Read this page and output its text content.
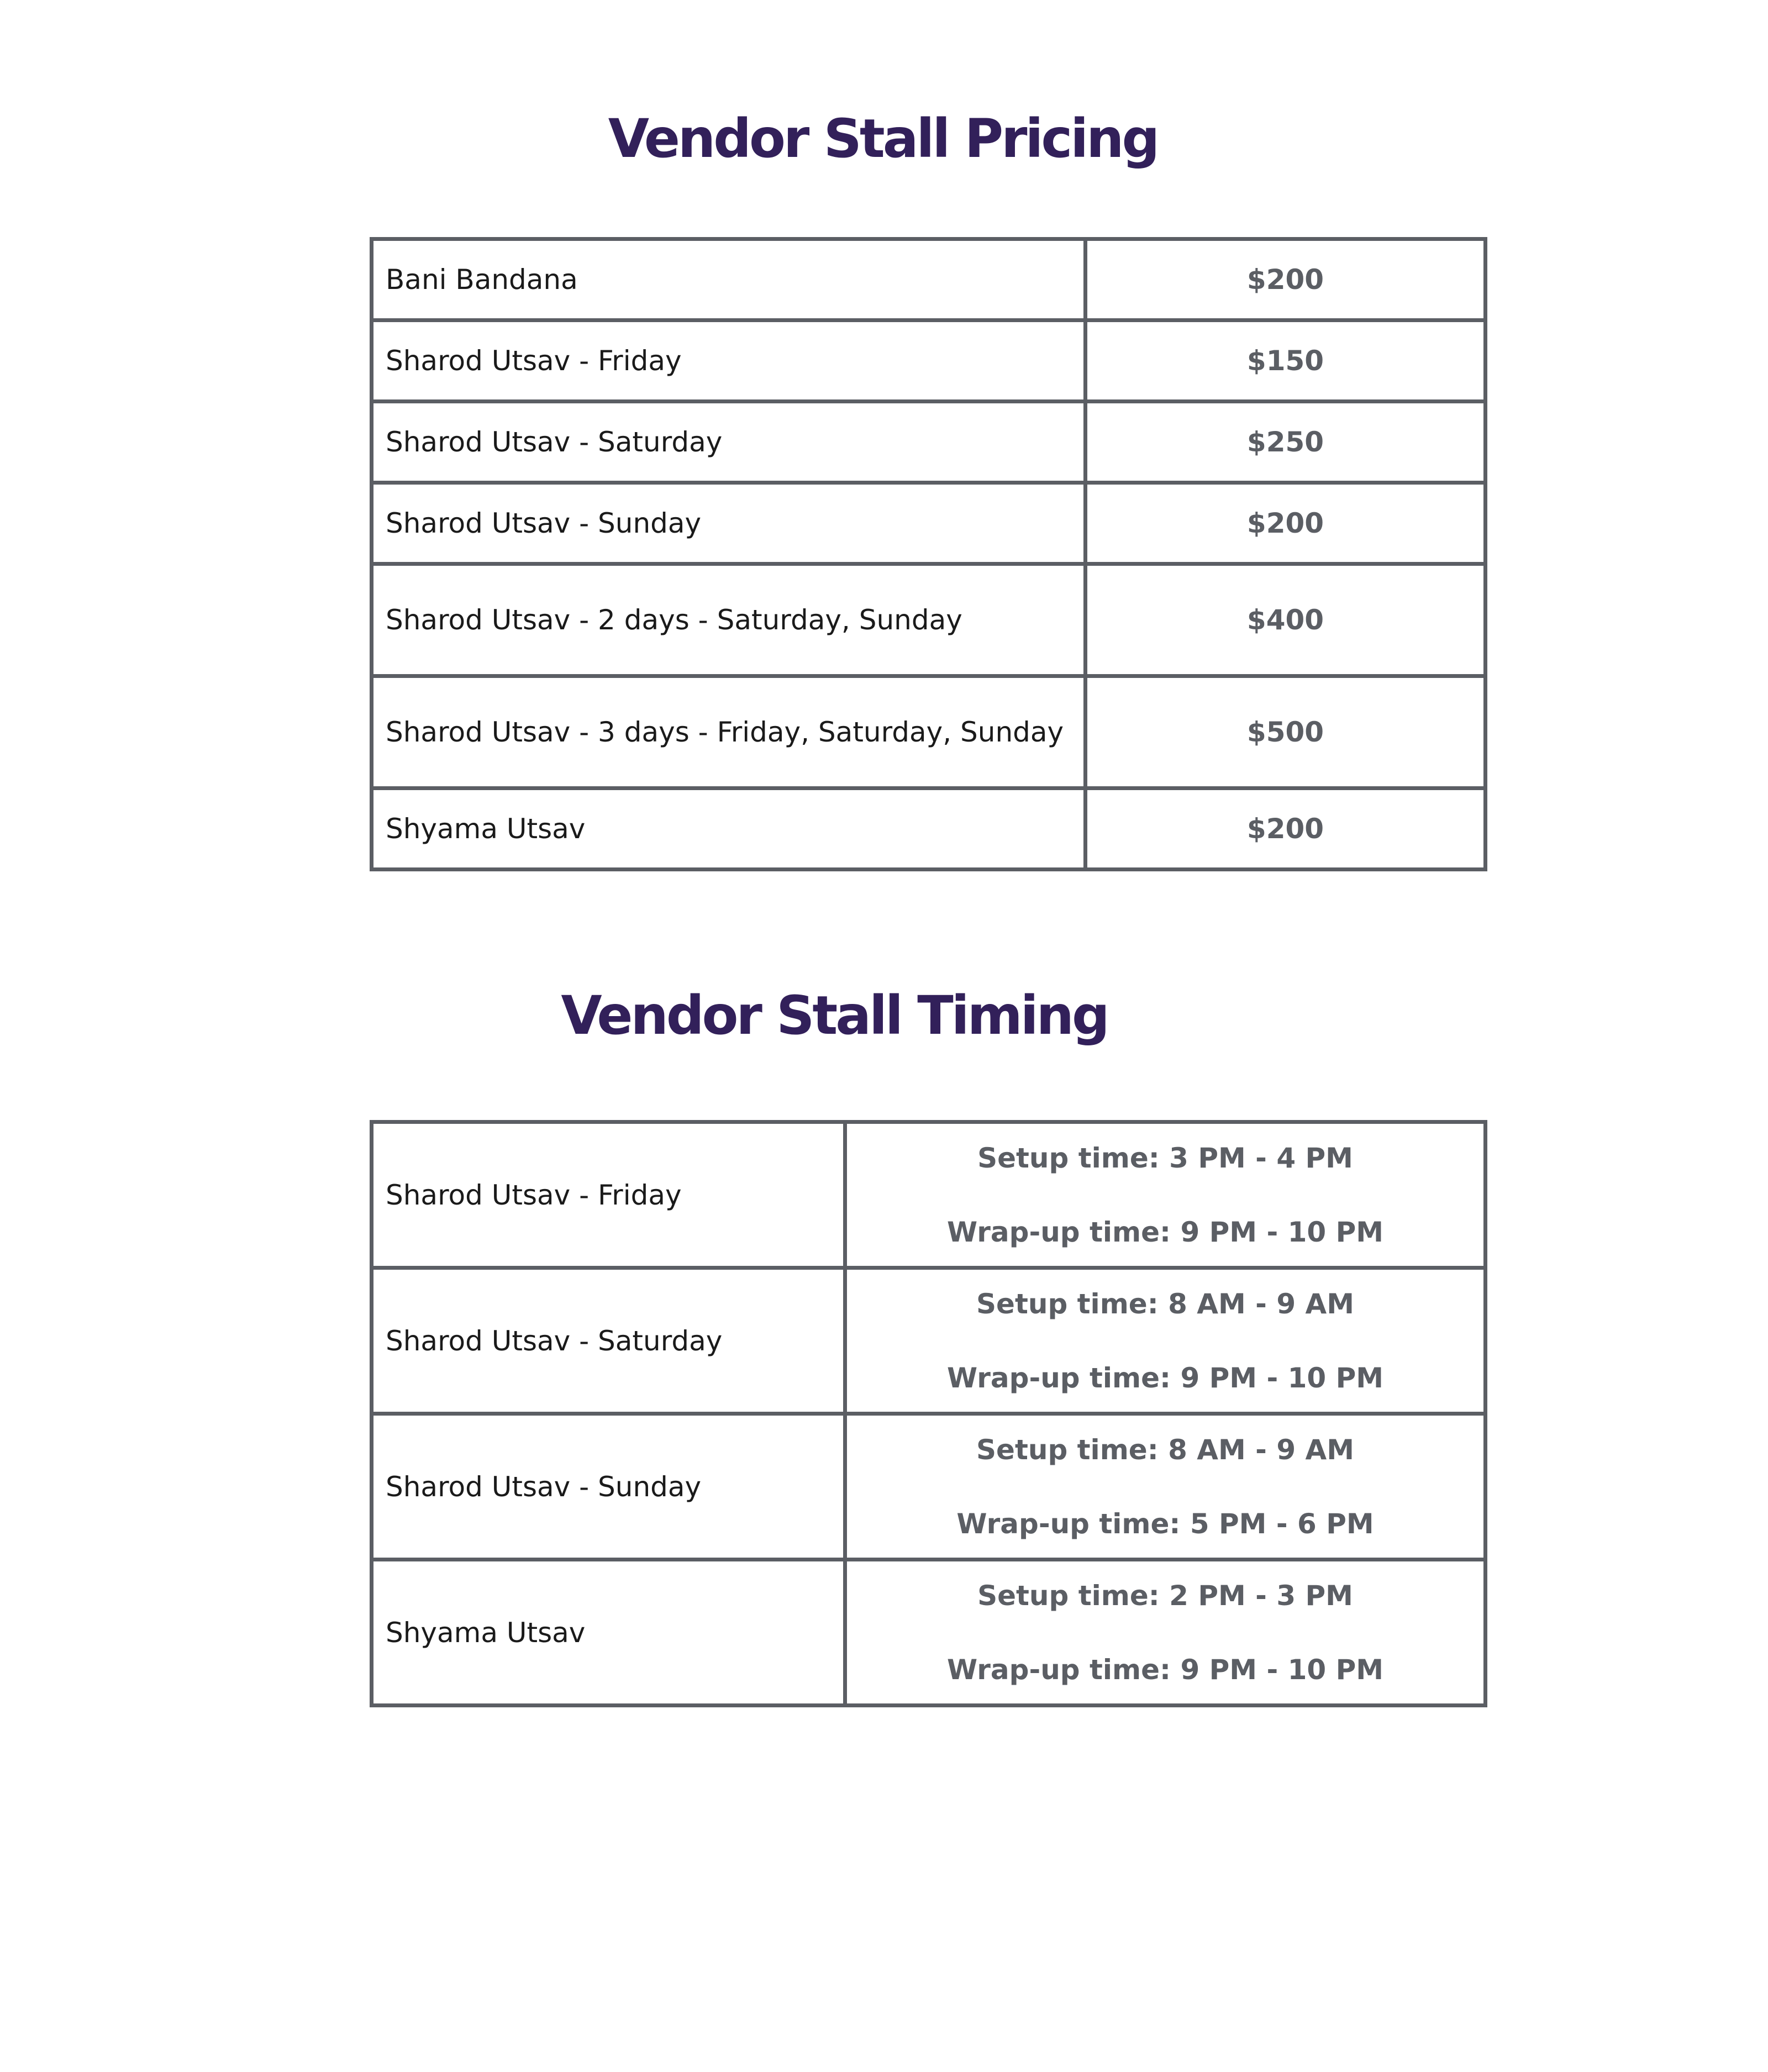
Vendor Stall Pricing
Bani Bandana	$200
Sharod Utsav - Friday	$150
Sharod Utsav - Saturday	$250
Sharod Utsav - Sunday	$200
Sharod Utsav - 2 days - Saturday, Sunday	$400
Sharod Utsav - 3 days - Friday, Saturday, Sunday	$500
Shyama Utsav	$200
Vendor Stall Timing
Sharod Utsav - Friday	Setup time: 3 PM - 4 PM
Wrap-up time: 9 PM - 10 PM

Sharod Utsav - Saturday	Setup time: 8 AM - 9 AM
Wrap-up time: 9 PM - 10 PM

Sharod Utsav - Sunday	Setup time: 8 AM - 9 AM
Wrap-up time: 5 PM - 6 PM

Shyama Utsav	Setup time: 2 PM - 3 PM
Wrap-up time: 9 PM - 10 PM
